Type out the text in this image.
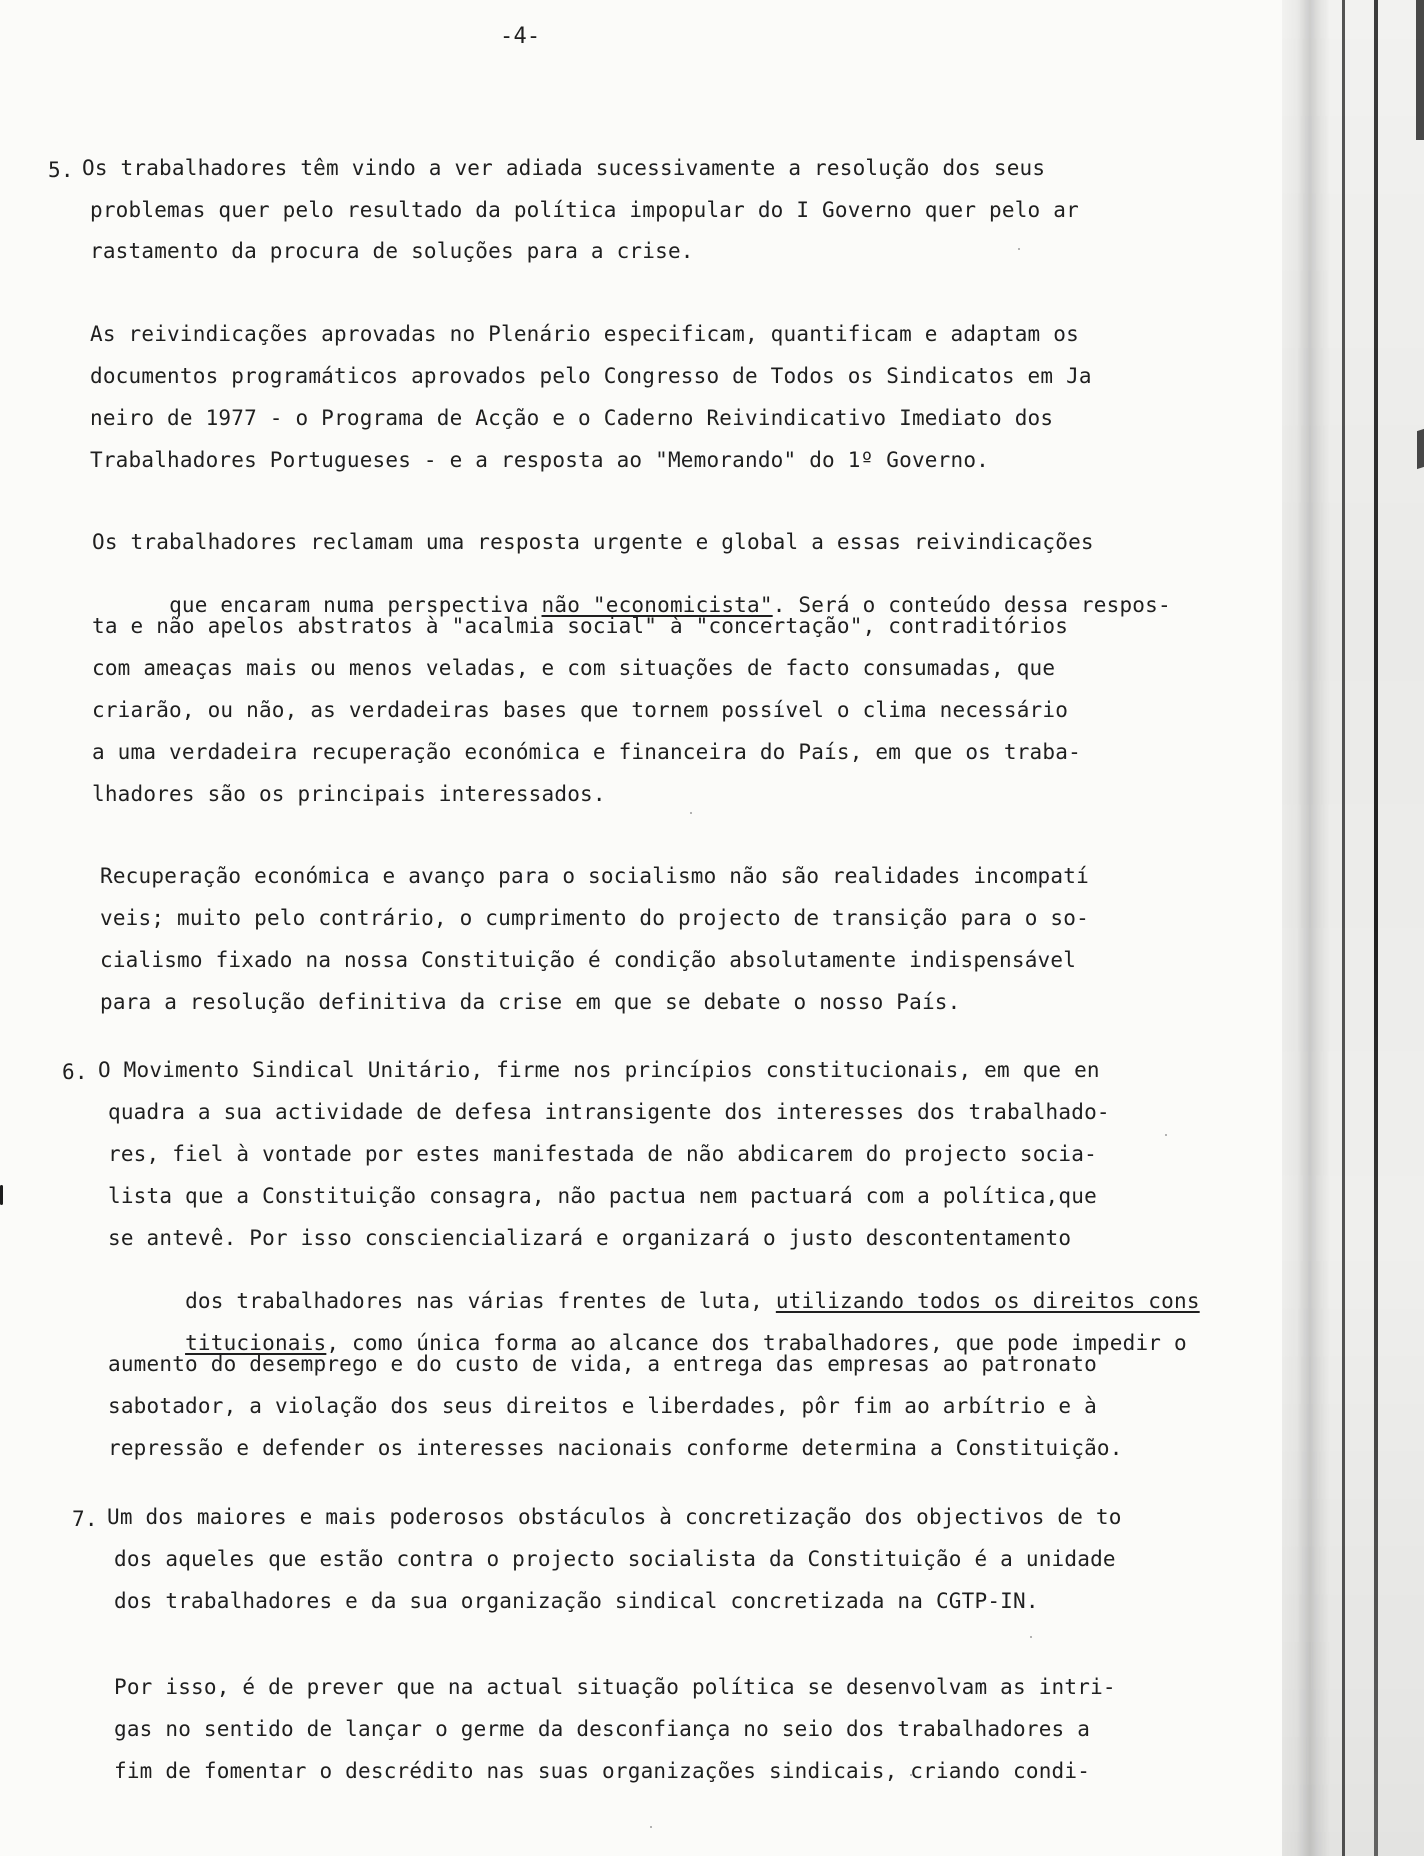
-4-
5. Os trabalhadores têm vindo a ver adiada sucessivamente a resolução dos seus
problemas quer pelo resultado da política impopular do I Governo quer pelo ar
rastamento da procura de soluções para a crise.
As reivindicações aprovadas no Plenário especificam, quantificam e adaptam os
documentos programáticos aprovados pelo Congresso de Todos os Sindicatos em Ja
neiro de 1977 - o Programa de Acção e o Caderno Reivindicativo Imediato dos
Trabalhadores Portugueses - e a resposta ao "Memorando" do 1º Governo.
Os trabalhadores reclamam uma resposta urgente e global a essas reivindicações

que encaram numa perspectiva não "economicista". Será o conteúdo dessa respos-

ta e não apelos abstratos à "acalmia social" à "concertação", contraditórios
com ameaças mais ou menos veladas, e com situações de facto consumadas, que
criarão, ou não, as verdadeiras bases que tornem possível o clima necessário
a uma verdadeira recuperação económica e financeira do País, em que os traba-
lhadores são os principais interessados.
Recuperação económica e avanço para o socialismo não são realidades incompatí
veis; muito pelo contrário, o cumprimento do projecto de transição para o so-
cialismo fixado na nossa Constituição é condição absolutamente indispensável
para a resolução definitiva da crise em que se debate o nosso País.
6. O Movimento Sindical Unitário, firme nos princípios constitucionais, em que en
quadra a sua actividade de defesa intransigente dos interesses dos trabalhado-
res, fiel à vontade por estes manifestada de não abdicarem do projecto socia-
lista que a Constituição consagra, não pactua nem pactuará com a política,que
se antevê. Por isso consciencializará e organizará o justo descontentamento

dos trabalhadores nas várias frentes de luta, utilizando todos os direitos cons

titucionais, como única forma ao alcance dos trabalhadores, que pode impedir o

aumento do desemprego e do custo de vida, a entrega das empresas ao patronato
sabotador, a violação dos seus direitos e liberdades, pôr fim ao arbítrio e à
repressão e defender os interesses nacionais conforme determina a Constituição.
7. Um dos maiores e mais poderosos obstáculos à concretização dos objectivos de to
dos aqueles que estão contra o projecto socialista da Constituição é a unidade
dos trabalhadores e da sua organização sindical concretizada na CGTP-IN.
Por isso, é de prever que na actual situação política se desenvolvam as intri-
gas no sentido de lançar o germe da desconfiança no seio dos trabalhadores a
fim de fomentar o descrédito nas suas organizações sindicais, criando condi-
